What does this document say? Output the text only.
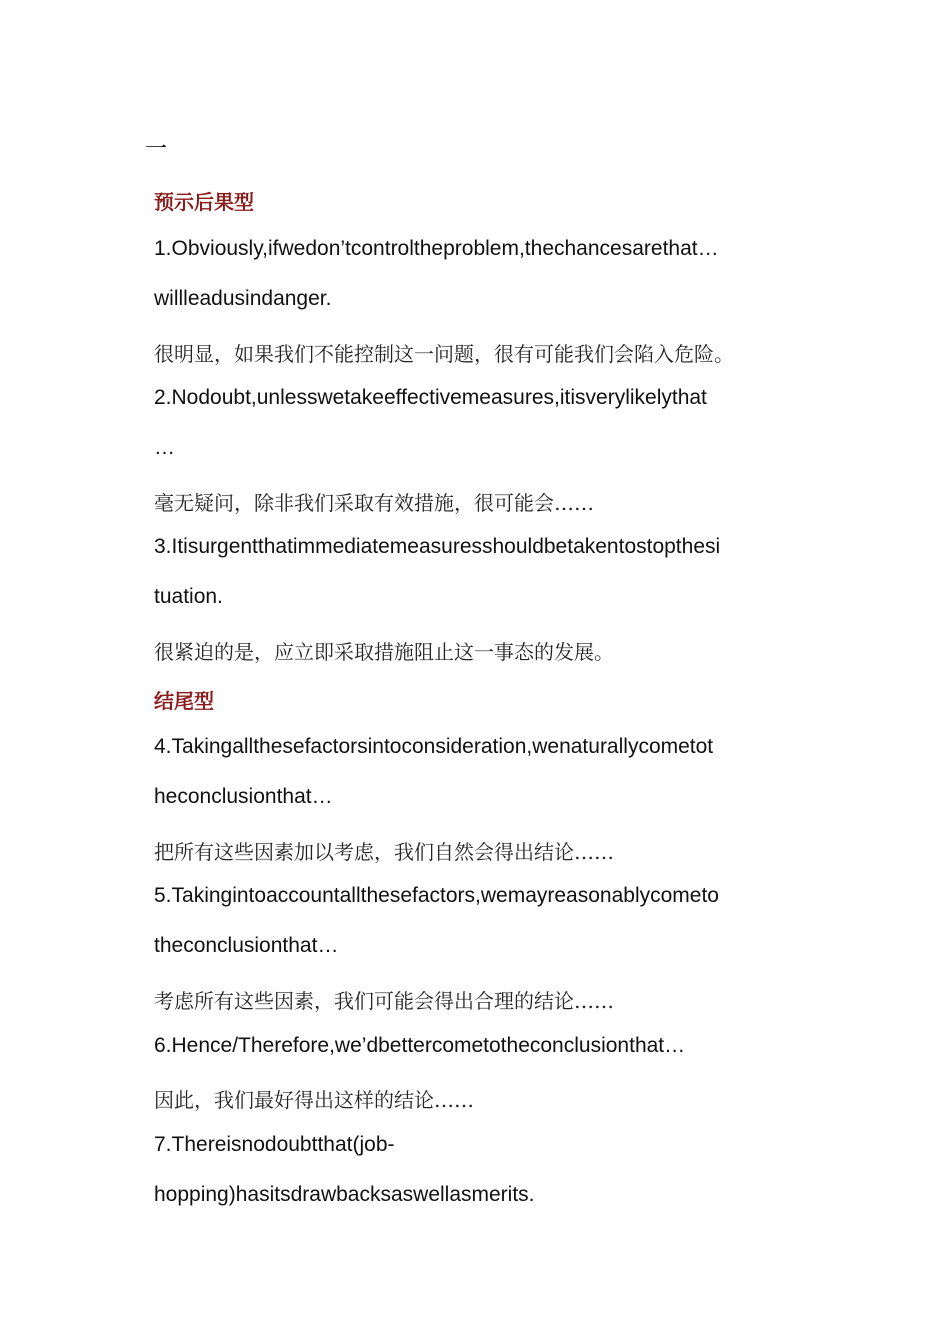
一
预示后果型
1.Obviously,ifwedon’tcontroltheproblem,thechancesarethat…
willleadusindanger.
很明显，如果我们不能控制这一问题，很有可能我们会陷入危险。
2.Nodoubt,unlesswetakeeffectivemeasures,itisverylikelythat
…
毫无疑问，除非我们采取有效措施，很可能会……
3.Itisurgentthatimmediatemeasuresshouldbetakentostopthesi
tuation.
很紧迫的是，应立即采取措施阻止这一事态的发展。
结尾型
4.Takingallthesefactorsintoconsideration,wenaturallycometot
heconclusionthat…
把所有这些因素加以考虑，我们自然会得出结论……
5.Takingintoaccountallthesefactors,wemayreasonablycometo
theconclusionthat…
考虑所有这些因素，我们可能会得出合理的结论……
6.Hence/Therefore,we’dbettercometotheconclusionthat…
因此，我们最好得出这样的结论……
7.Thereisnodoubtthat(job-
hopping)hasitsdrawbacksaswellasmerits.
